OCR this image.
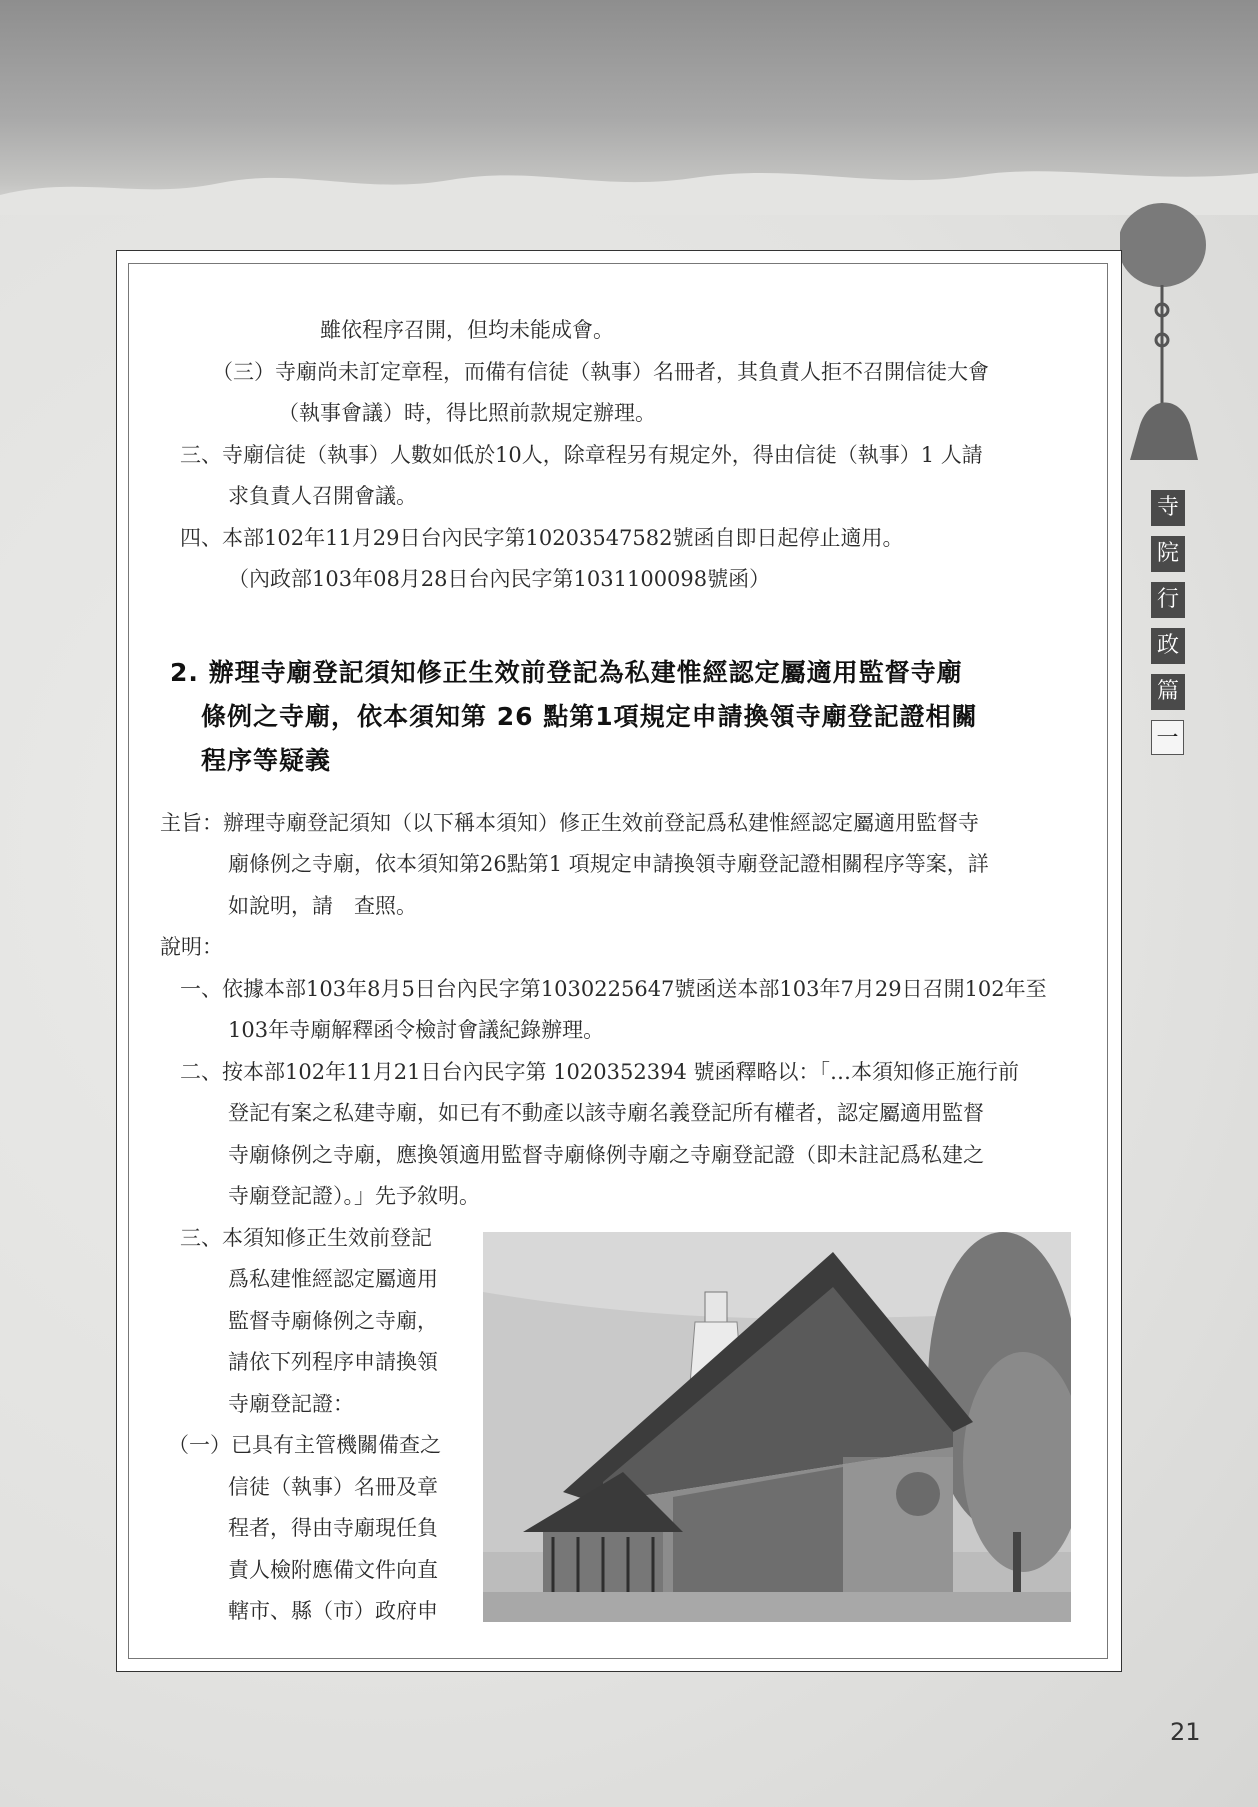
寺
院
行
政
篇
一
雖依程序召開，但均未能成會。
（三）寺廟尚未訂定章程，而備有信徒（執事）名冊者，其負責人拒不召開信徒大會
（執事會議）時，得比照前款規定辦理。
三、寺廟信徒（執事）人數如低於10人，除章程另有規定外，得由信徒（執事）1 人請
求負責人召開會議。
四、本部102年11月29日台內民字第10203547582號函自即日起停止適用。
（內政部103年08月28日台內民字第1031100098號函）
2. 辦理寺廟登記須知修正生效前登記為私建惟經認定屬適用監督寺廟
條例之寺廟，依本須知第 26 點第1項規定申請換領寺廟登記證相關
程序等疑義
主旨：辦理寺廟登記須知（以下稱本須知）修正生效前登記爲私建惟經認定屬適用監督寺
廟條例之寺廟，依本須知第26點第1 項規定申請換領寺廟登記證相關程序等案，詳
如說明，請　查照。
說明：
一、依據本部103年8月5日台內民字第1030225647號函送本部103年7月29日召開102年至
103年寺廟解釋函令檢討會議紀錄辦理。
二、按本部102年11月21日台內民字第 1020352394 號函釋略以：「…本須知修正施行前
登記有案之私建寺廟，如已有不動產以該寺廟名義登記所有權者，認定屬適用監督
寺廟條例之寺廟，應換領適用監督寺廟條例寺廟之寺廟登記證（即未註記爲私建之
寺廟登記證）。」先予敘明。
三、本須知修正生效前登記
爲私建惟經認定屬適用
監督寺廟條例之寺廟，
請依下列程序申請換領
寺廟登記證：
（一）已具有主管機關備查之
信徒（執事）名冊及章
程者，得由寺廟現任負
責人檢附應備文件向直
轄市、縣（市）政府申
21
